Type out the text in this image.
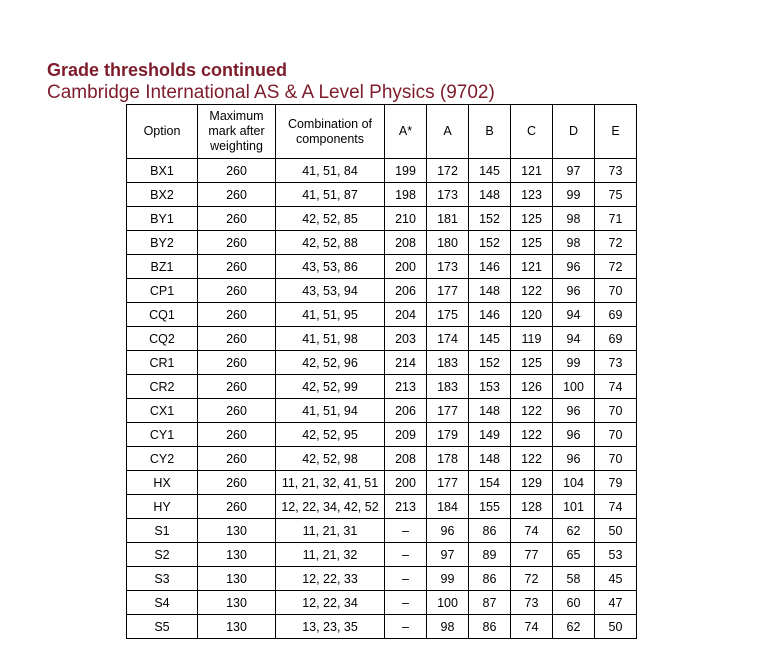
Grade thresholds continued
Cambridge International AS & A Level Physics (9702)
Option	Maximum mark after weighting	Combination of components	A*	A	B	C	D	E
BX1	260	41, 51, 84	199	172	145	121	97	73
BX2	260	41, 51, 87	198	173	148	123	99	75
BY1	260	42, 52, 85	210	181	152	125	98	71
BY2	260	42, 52, 88	208	180	152	125	98	72
BZ1	260	43, 53, 86	200	173	146	121	96	72
CP1	260	43, 53, 94	206	177	148	122	96	70
CQ1	260	41, 51, 95	204	175	146	120	94	69
CQ2	260	41, 51, 98	203	174	145	119	94	69
CR1	260	42, 52, 96	214	183	152	125	99	73
CR2	260	42, 52, 99	213	183	153	126	100	74
CX1	260	41, 51, 94	206	177	148	122	96	70
CY1	260	42, 52, 95	209	179	149	122	96	70
CY2	260	42, 52, 98	208	178	148	122	96	70
HX	260	11, 21, 32, 41, 51	200	177	154	129	104	79
HY	260	12, 22, 34, 42, 52	213	184	155	128	101	74
S1	130	11, 21, 31	–	96	86	74	62	50
S2	130	11, 21, 32	–	97	89	77	65	53
S3	130	12, 22, 33	–	99	86	72	58	45
S4	130	12, 22, 34	–	100	87	73	60	47
S5	130	13, 23, 35	–	98	86	74	62	50
